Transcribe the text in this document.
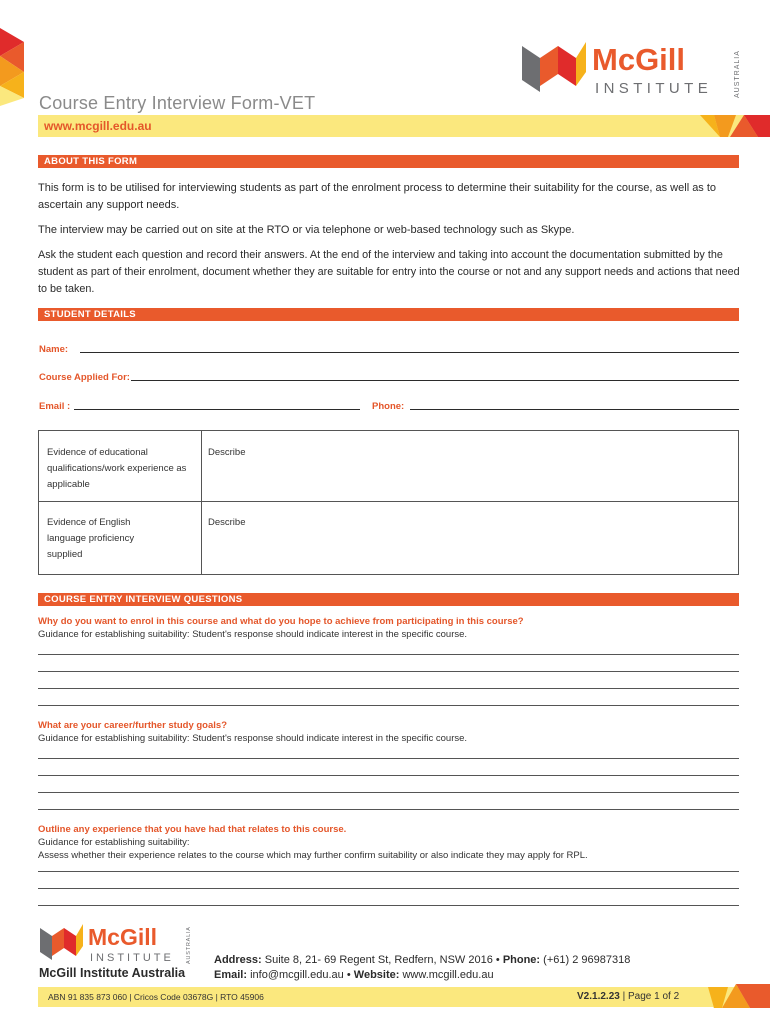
McGill
INSTITUTE	AUSTRALIA
Course Entry Interview Form-VET
www.mcgill.edu.au
ABOUT THIS FORM
This form is to be utilised for interviewing students as part of the enrolment process to determine their suitability for the course, as well as to ascertain any support needs.
The interview may be carried out on site at the RTO or via telephone or web-based technology such as Skype.
Ask the student each question and record their answers. At the end of the interview and taking into account the documentation submitted by the student as part of their enrolment, document whether they are suitable for entry into the course or not and any support needs and actions that need to be taken.
STUDENT DETAILS
Name:
Course Applied For:
Email :	Phone:
Evidence of educational qualifications/work experience as applicable
Describe
Evidence of English language proficiency supplied
Describe
COURSE ENTRY INTERVIEW QUESTIONS
Why do you want to enrol in this course and what do you hope to achieve from participating in this course?
Guidance for establishing suitability: Student's response should indicate interest in the specific course.
What are your career/further study goals?
Guidance for establishing suitability: Student's response should indicate interest in the specific course.
Outline any experience that you have had that relates to this course.
Guidance for establishing suitability:
Assess whether their experience relates to the course which may further confirm suitability or also indicate they may apply for RPL.
McGill
INSTITUTE AUSTRALIA
McGill Institute Australia
Address: Suite 8, 21- 69 Regent St, Redfern, NSW 2016 • Phone: (+61) 2 96987318
Email: info@mcgill.edu.au • Website: www.mcgill.edu.au
ABN 91 835 873 060 | Cricos Code 03678G | RTO 45906	V2.1.2.23 | Page 1 of 2
